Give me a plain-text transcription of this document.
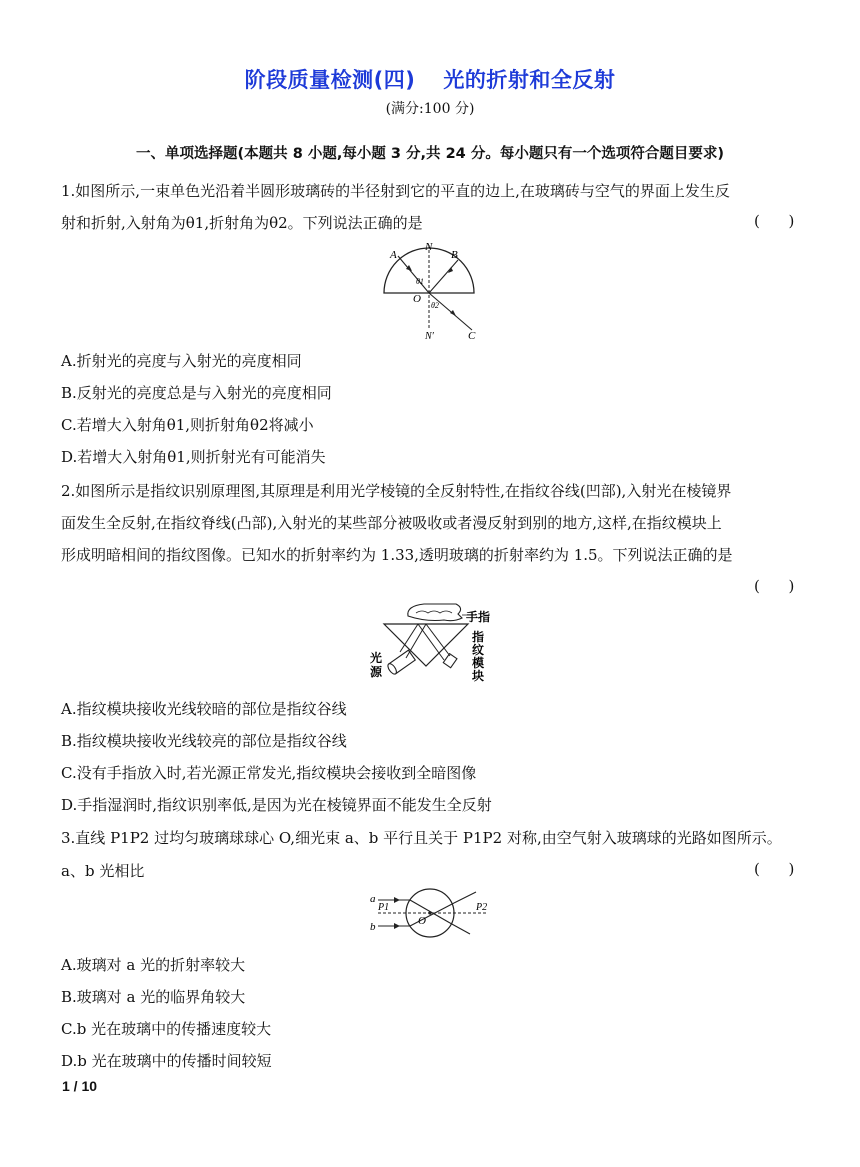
阶段质量检测(四) 光的折射和全反射
(满分:100 分)
一、单项选择题(本题共 8 小题,每小题 3 分,共 24 分。每小题只有一个选项符合题目要求)
1.如图所示,一束单色光沿着半圆形玻璃砖的半径射到它的平直的边上,在玻璃砖与空气的界面上发生反
射和折射,入射角为θ1,折射角为θ2。下列说法正确的是	(      )
A
N
B
O
θ1
θ2
N′	C
A.折射光的亮度与入射光的亮度相同
B.反射光的亮度总是与入射光的亮度相同
C.若增大入射角θ1,则折射角θ2将减小
D.若增大入射角θ1,则折射光有可能消失
2.如图所示是指纹识别原理图,其原理是利用光学棱镜的全反射特性,在指纹谷线(凹部),入射光在棱镜界
面发生全反射,在指纹脊线(凸部),入射光的某些部分被吸收或者漫反射到别的地方,这样,在指纹模块上
形成明暗相间的指纹图像。已知水的折射率约为 1.33,透明玻璃的折射率约为 1.5。下列说法正确的是
(      )
手指
指
纹
模
块
光
源
A.指纹模块接收光线较暗的部位是指纹谷线
B.指纹模块接收光线较亮的部位是指纹谷线
C.没有手指放入时,若光源正常发光,指纹模块会接收到全暗图像
D.手指湿润时,指纹识别率低,是因为光在棱镜界面不能发生全反射
3.直线 P1P2 过均匀玻璃球球心 O,细光束 a、b 平行且关于 P1P2 对称,由空气射入玻璃球的光路如图所示。
a、b 光相比	(      )
a
b
P1	P2
O
A.玻璃对 a 光的折射率较大
B.玻璃对 a 光的临界角较大
C.b 光在玻璃中的传播速度较大
D.b 光在玻璃中的传播时间较短
1 / 10
